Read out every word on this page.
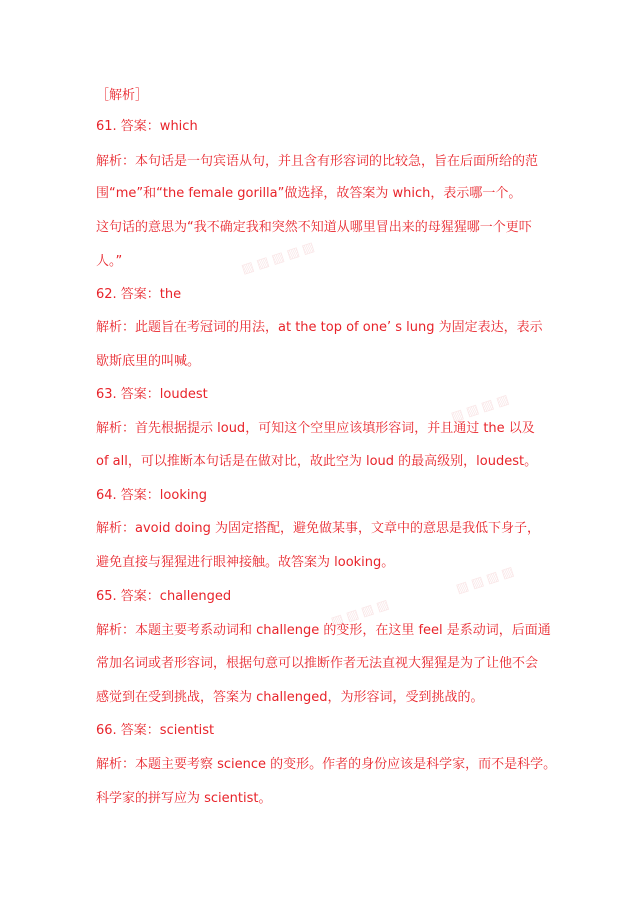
▨ ▨ ▨ ▨ ▨
▨ ▨ ▨ ▨
▨ ▨ ▨ ▨
▨ ▨ ▨ ▨
［解析］
61. 答案：which
解析：本句话是一句宾语从句，并且含有形容词的比较急，旨在后面所给的范
围“me”和“the female gorilla”做选择，故答案为 which，表示哪一个。
这句话的意思为“我不确定我和突然不知道从哪里冒出来的母猩猩哪一个更吓
人。”
62. 答案：the
解析：此题旨在考冠词的用法，at the top of one’ s lung 为固定表达，表示
歇斯底里的叫喊。
63. 答案：loudest
解析：首先根据提示 loud，可知这个空里应该填形容词，并且通过 the 以及
of all，可以推断本句话是在做对比，故此空为 loud 的最高级别，loudest。
64. 答案：looking
解析：avoid doing 为固定搭配，避免做某事，文章中的意思是我低下身子，
避免直接与猩猩进行眼神接触。故答案为 looking。
65. 答案：challenged
解析：本题主要考系动词和 challenge 的变形，在这里 feel 是系动词，后面通
常加名词或者形容词，根据句意可以推断作者无法直视大猩猩是为了让他不会
感觉到在受到挑战，答案为 challenged，为形容词，受到挑战的。
66. 答案：scientist
解析：本题主要考察 science 的变形。作者的身份应该是科学家，而不是科学。
科学家的拼写应为 scientist。
